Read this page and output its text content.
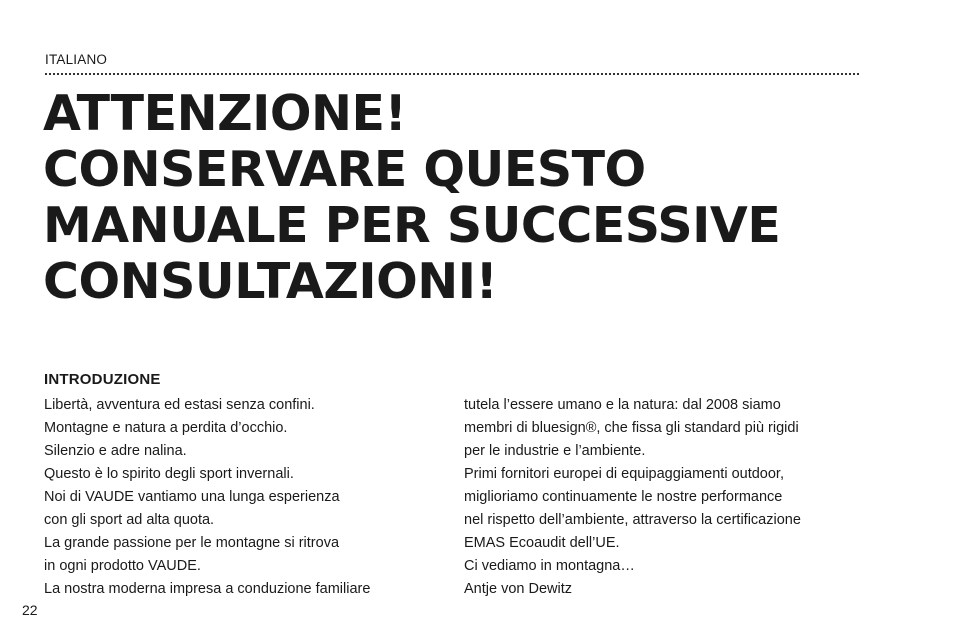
ITALIANO
ATTENZIONE!
CONSERVARE QUESTO
MANUALE PER SUCCESSIVE
CONSULTAZIONI!
INTRODUZIONE
Libertà, avventura ed estasi senza confini.
Montagne e natura a perdita d’occhio.
Silenzio e adre nalina.
Questo è lo spirito degli sport invernali.
Noi di VAUDE vantiamo una lunga esperienza
con gli sport ad alta quota.
La grande passione per le montagne si ritrova
in ogni prodotto VAUDE.
La nostra moderna impresa a conduzione familiare
tutela l’essere umano e la natura: dal 2008 siamo
membri di bluesign®, che fissa gli standard più rigidi
per le industrie e l’ambiente.
Primi fornitori europei di equipaggiamenti outdoor,
miglioriamo continuamente le nostre performance
nel rispetto dell’ambiente, attraverso la certificazione
EMAS Ecoaudit dell’UE.
Ci vediamo in montagna…
Antje von Dewitz
22
